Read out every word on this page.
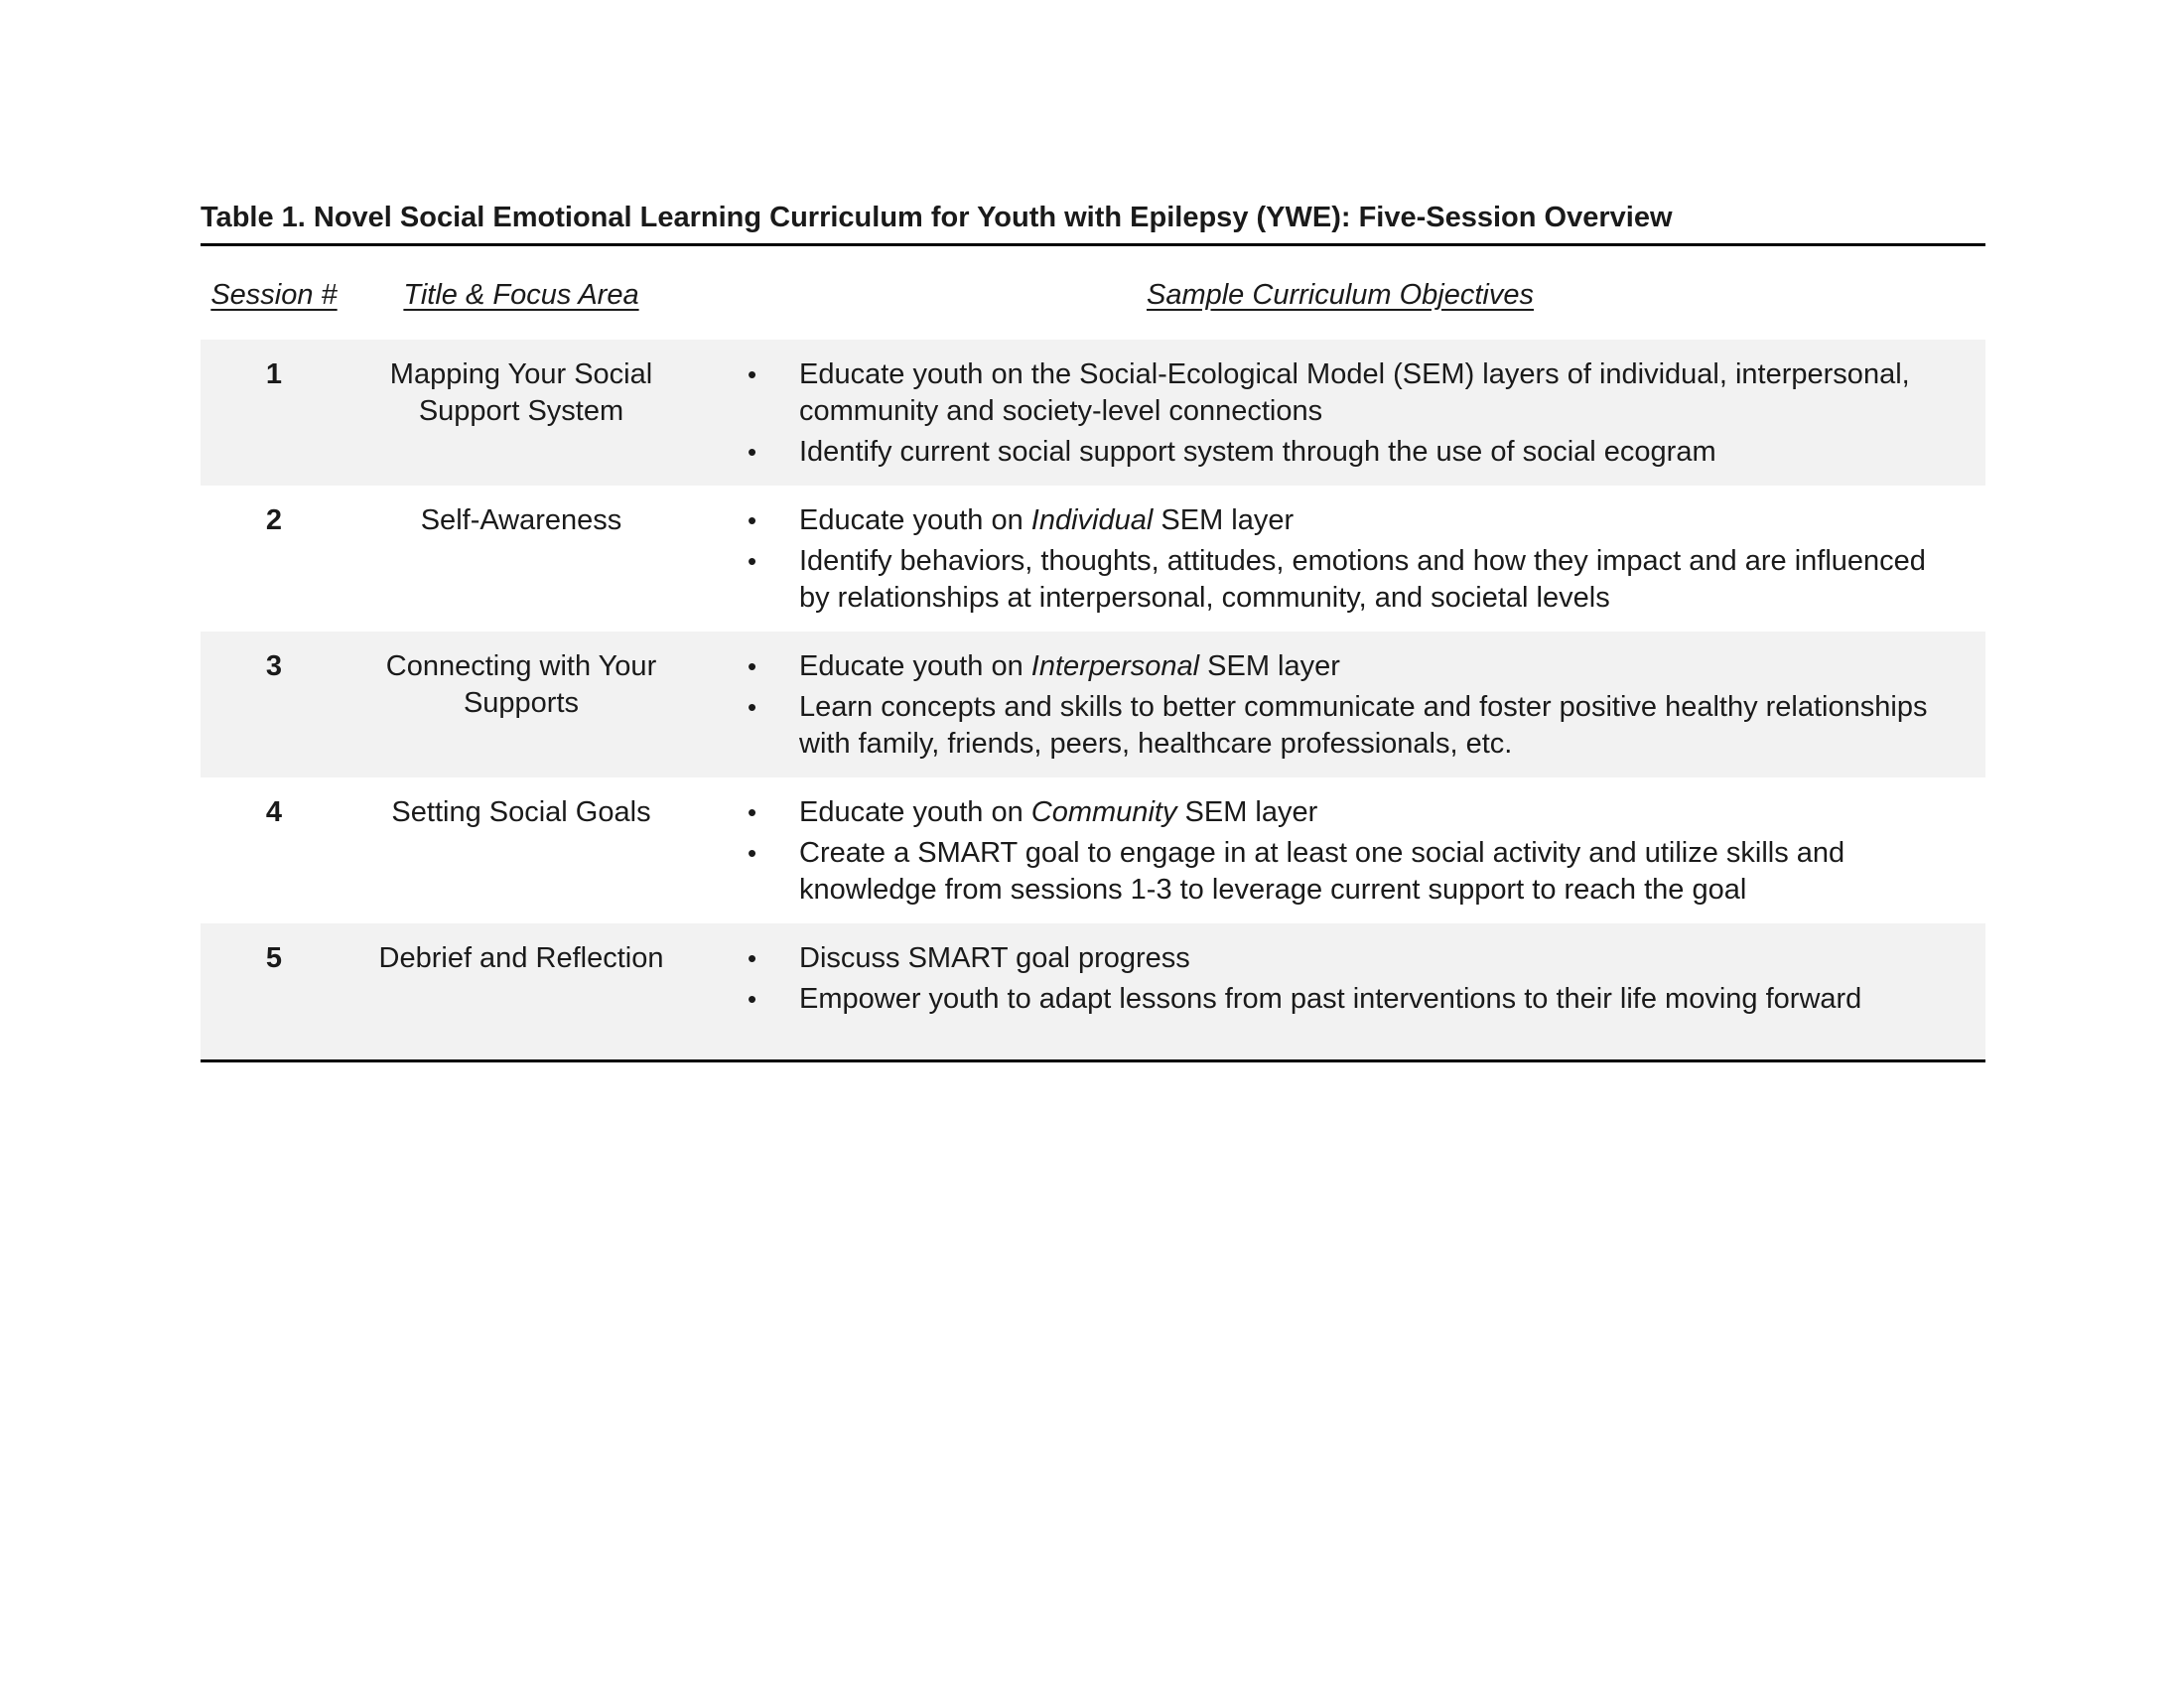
Table 1. Novel Social Emotional Learning Curriculum for Youth with Epilepsy (YWE): Five-Session Overview
Session #	Title & Focus Area	Sample Curriculum Objectives
1	Mapping Your Social Support System
•	Educate youth on the Social-Ecological Model (SEM) layers of individual, interpersonal, community and society-level connections
•	Identify current social support system through the use of social ecogram
2	Self-Awareness	•	Educate youth on Individual SEM layer
•	Identify behaviors, thoughts, attitudes, emotions and how they impact and are influenced by relationships at interpersonal, community, and societal levels
3	Connecting with Your Supports
•	Educate youth on Interpersonal SEM layer
•	Learn concepts and skills to better communicate and foster positive healthy relationships with family, friends, peers, healthcare professionals, etc.
4	Setting Social Goals	•	Educate youth on Community SEM layer
•	Create a SMART goal to engage in at least one social activity and utilize skills and knowledge from sessions 1-3 to leverage current support to reach the goal
5	Debrief and Reflection	•	Discuss SMART goal progress
•	Empower youth to adapt lessons from past interventions to their life moving forward
